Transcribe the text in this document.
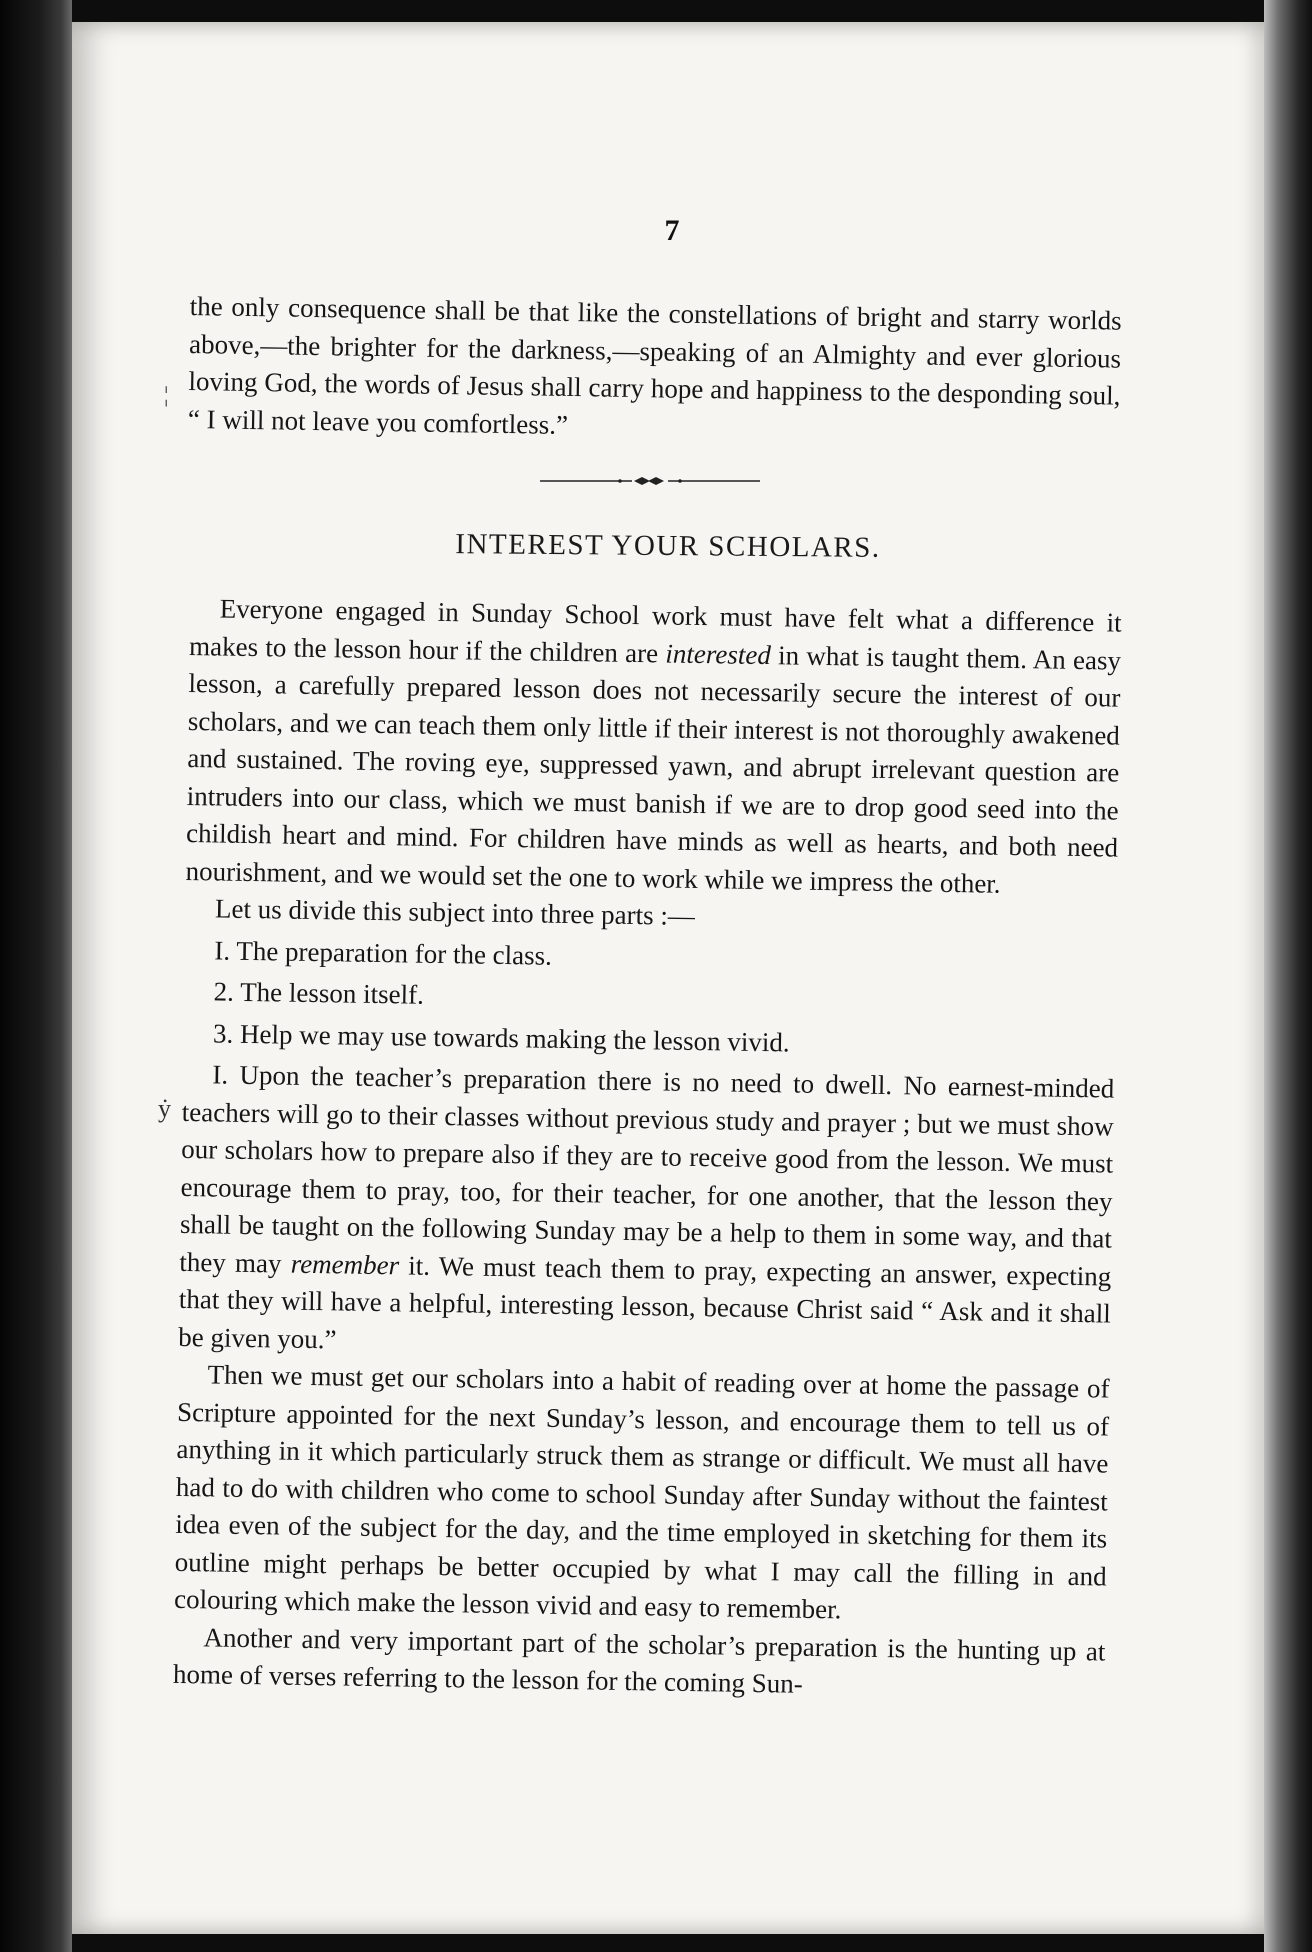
¦
ẏ
7
the only consequence shall be that like the constellations of bright and starry worlds above,—the brighter for the darkness,—speaking of an Almighty and ever glorious loving God, the words of Jesus shall carry hope and happiness to the desponding soul, “ I will not leave you comfortless.”
INTEREST YOUR SCHOLARS.

Everyone engaged in Sunday School work must have felt what a difference it makes to the lesson hour if the children are interested in what is taught them. An easy lesson, a carefully prepared lesson does not necessarily secure the interest of our scholars, and we can teach them only little if their interest is not thoroughly awakened and sustained. The roving eye, suppressed yawn, and abrupt irrelevant question are intruders into our class, which we must banish if we are to drop good seed into the childish heart and mind. For children have minds as well as hearts, and both need nourishment, and we would set the one to work while we impress the other.

Let us divide this subject into three parts :—

I. The preparation for the class.

2. The lesson itself.

3. Help we may use towards making the lesson vivid.

I. Upon the teacher’s preparation there is no need to dwell. No earnest-minded teachers will go to their classes without previous study and prayer ; but we must show our scholars how to prepare also if they are to receive good from the lesson. We must encourage them to pray, too, for their teacher, for one another, that the lesson they shall be taught on the following Sunday may be a help to them in some way, and that they may remember it. We must teach them to pray, expecting an answer, expecting that they will have a helpful, interesting lesson, because Christ said “ Ask and it shall be given you.”

Then we must get our scholars into a habit of reading over at home the passage of Scripture appointed for the next Sunday’s lesson, and encourage them to tell us of anything in it which particularly struck them as strange or difficult. We must all have had to do with children who come to school Sunday after Sunday without the faintest idea even of the subject for the day, and the time employed in sketching for them its outline might perhaps be better occupied by what I may call the filling in and colouring which make the lesson vivid and easy to remember.

Another and very important part of the scholar’s preparation is the hunting up at home of verses referring to the lesson for the coming Sun-
